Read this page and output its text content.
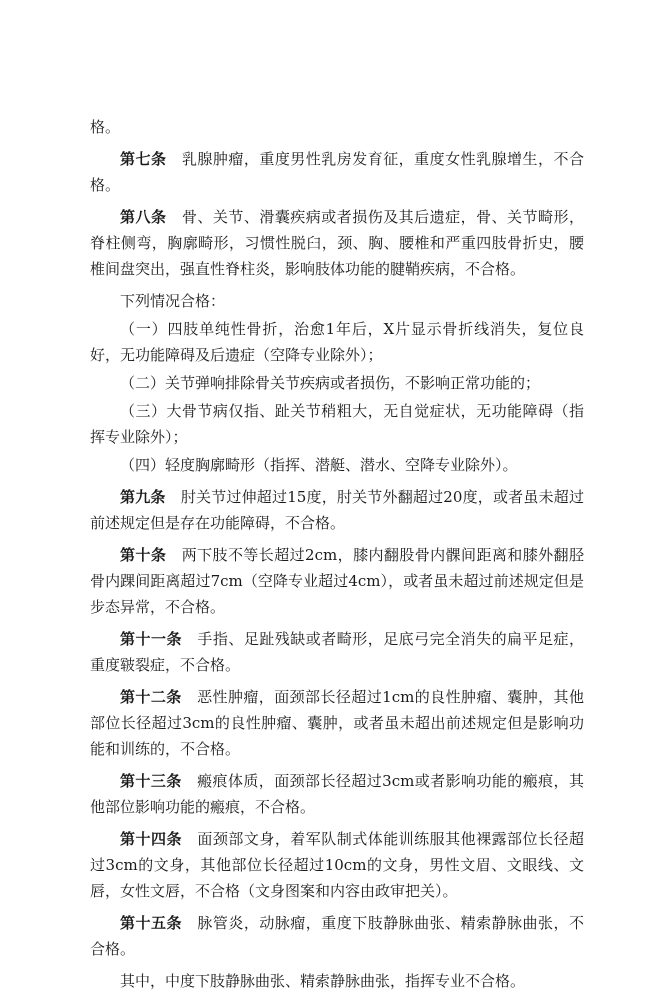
格。

第七条　 乳腺肿瘤，重度男性乳房发育征，重度女性乳腺增生，不合格。

第八条　 骨、关节、滑囊疾病或者损伤及其后遗症，骨、关节畸形，脊柱侧弯，胸廓畸形，习惯性脱臼，颈、胸、腰椎和严重四肢骨折史，腰椎间盘突出，强直性脊柱炎，影响肢体功能的腱鞘疾病，不合格。

下列情况合格：

（一）四肢单纯性骨折，治愈1年后，X片显示骨折线消失，复位良好，无功能障碍及后遗症（空降专业除外）；

（二）关节弹响排除骨关节疾病或者损伤，不影响正常功能的；

（三）大骨节病仅指、趾关节稍粗大，无自觉症状，无功能障碍（指挥专业除外）；

（四）轻度胸廓畸形（指挥、潜艇、潜水、空降专业除外）。

第九条　 肘关节过伸超过15度，肘关节外翻超过20度，或者虽未超过前述规定但是存在功能障碍，不合格。

第十条　 两下肢不等长超过2cm，膝内翻股骨内髁间距离和膝外翻胫骨内踝间距离超过7cm（空降专业超过4cm），或者虽未超过前述规定但是步态异常，不合格。

第十一条　 手指、足趾残缺或者畸形，足底弓完全消失的扁平足症，重度皲裂症，不合格。

第十二条　 恶性肿瘤，面颈部长径超过1cm的良性肿瘤、囊肿，其他部位长径超过3cm的良性肿瘤、囊肿，或者虽未超出前述规定但是影响功能和训练的，不合格。

第十三条　 瘢痕体质，面颈部长径超过3cm或者影响功能的瘢痕，其他部位影响功能的瘢痕，不合格。

第十四条　 面颈部文身，着军队制式体能训练服其他裸露部位长径超过3cm的文身，其他部位长径超过10cm的文身，男性文眉、文眼线、文唇，女性文唇，不合格（文身图案和内容由政审把关）。

第十五条　 脉管炎，动脉瘤，重度下肢静脉曲张、精索静脉曲张，不合格。

其中，中度下肢静脉曲张、精索静脉曲张，指挥专业不合格。
